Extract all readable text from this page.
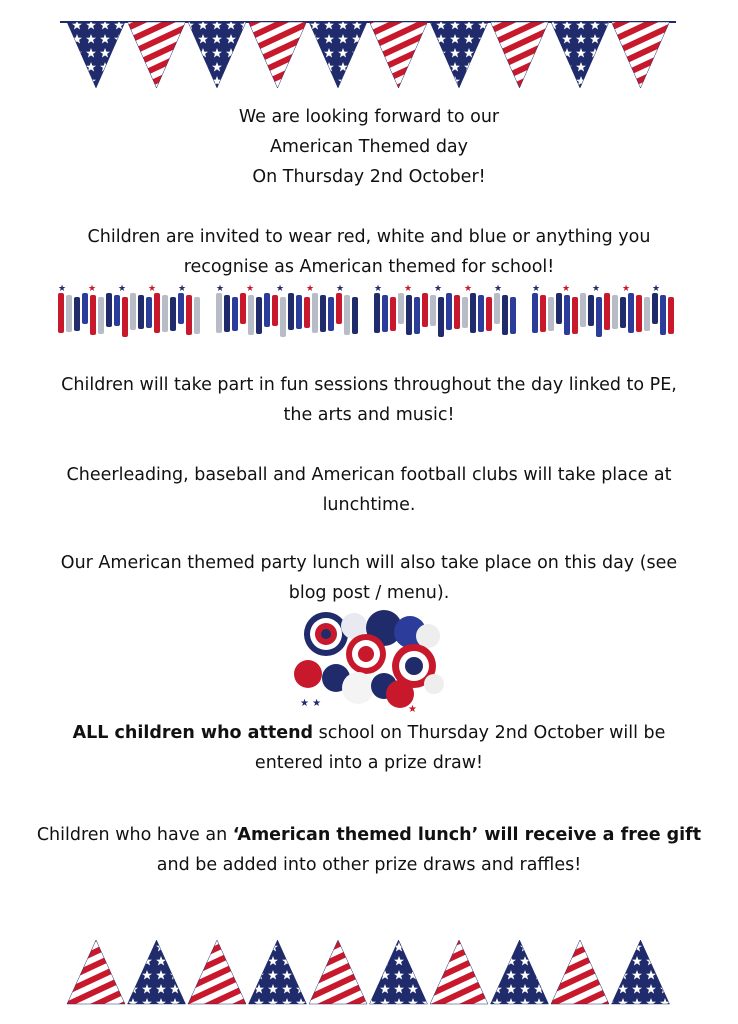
We are looking forward to our
American Themed day
On Thursday 2nd October!
Children are invited to wear red, white and blue or anything you
recognise as American themed for school!
★ ★ ★ ★ ★	★ ★ ★ ★ ★	★ ★ ★ ★ ★	★ ★ ★ ★ ★
Children will take part in fun sessions throughout the day linked to PE,
the arts and music!
Cheerleading, baseball and American football clubs will take place at
lunchtime.
Our American themed party lunch will also take place on this day (see
blog post / menu).
★ ★
★
ALL children who attend school on Thursday 2nd October will be
entered into a prize draw!
Children who have an ‘American themed lunch’ will receive a free gift
and be added into other prize draws and raffles!
